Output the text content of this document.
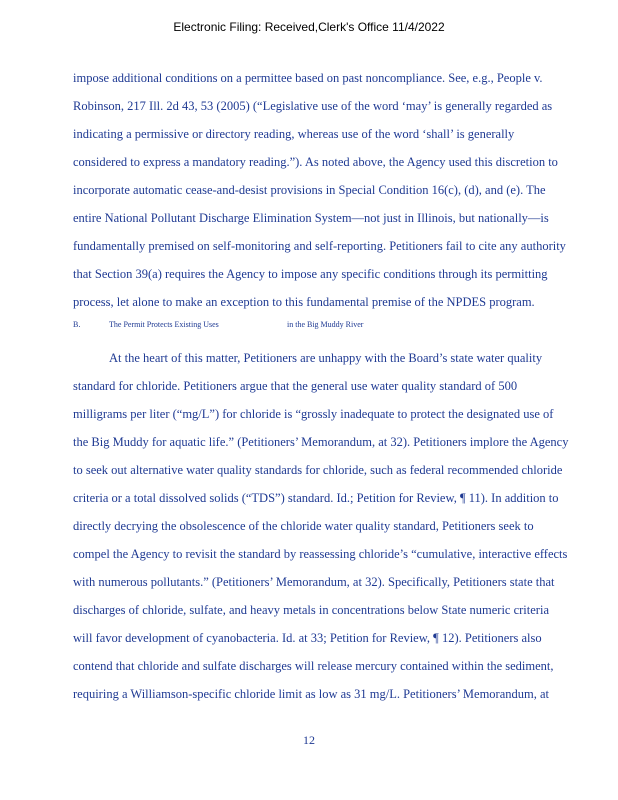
Electronic Filing: Received,Clerk's Office 11/4/2022
impose additional conditions on a permittee based on past noncompliance. See, e.g., People v.
Robinson, 217 Ill. 2d 43, 53 (2005) (“Legislative use of the word ‘may’ is generally regarded as
indicating a permissive or directory reading, whereas use of the word ‘shall’ is generally
considered to express a mandatory reading.”). As noted above, the Agency used this discretion to
incorporate automatic cease-and-desist provisions in Special Condition 16(c), (d), and (e). The
entire National Pollutant Discharge Elimination System—not just in Illinois, but nationally—is
fundamentally premised on self-monitoring and self-reporting. Petitioners fail to cite any authority
that Section 39(a) requires the Agency to impose any specific conditions through its permitting
process, let alone to make an exception to this fundamental premise of the NPDES program.
B.	The Permit Protects Existing Uses	in the Big Muddy River
At the heart of this matter, Petitioners are unhappy with the Board’s state water quality
standard for chloride. Petitioners argue that the general use water quality standard of 500
milligrams per liter (“mg/L”) for chloride is “grossly inadequate to protect the designated use of
the Big Muddy for aquatic life.” (Petitioners’ Memorandum, at 32). Petitioners implore the Agency
to seek out alternative water quality standards for chloride, such as federal recommended chloride
criteria or a total dissolved solids (“TDS”) standard. Id.; Petition for Review, ¶ 11). In addition to
directly decrying the obsolescence of the chloride water quality standard, Petitioners seek to
compel the Agency to revisit the standard by reassessing chloride’s “cumulative, interactive effects
with numerous pollutants.” (Petitioners’ Memorandum, at 32). Specifically, Petitioners state that
discharges of chloride, sulfate, and heavy metals in concentrations below State numeric criteria
will favor development of cyanobacteria. Id. at 33; Petition for Review, ¶ 12). Petitioners also
contend that chloride and sulfate discharges will release mercury contained within the sediment,
requiring a Williamson-specific chloride limit as low as 31 mg/L. Petitioners’ Memorandum, at
12
